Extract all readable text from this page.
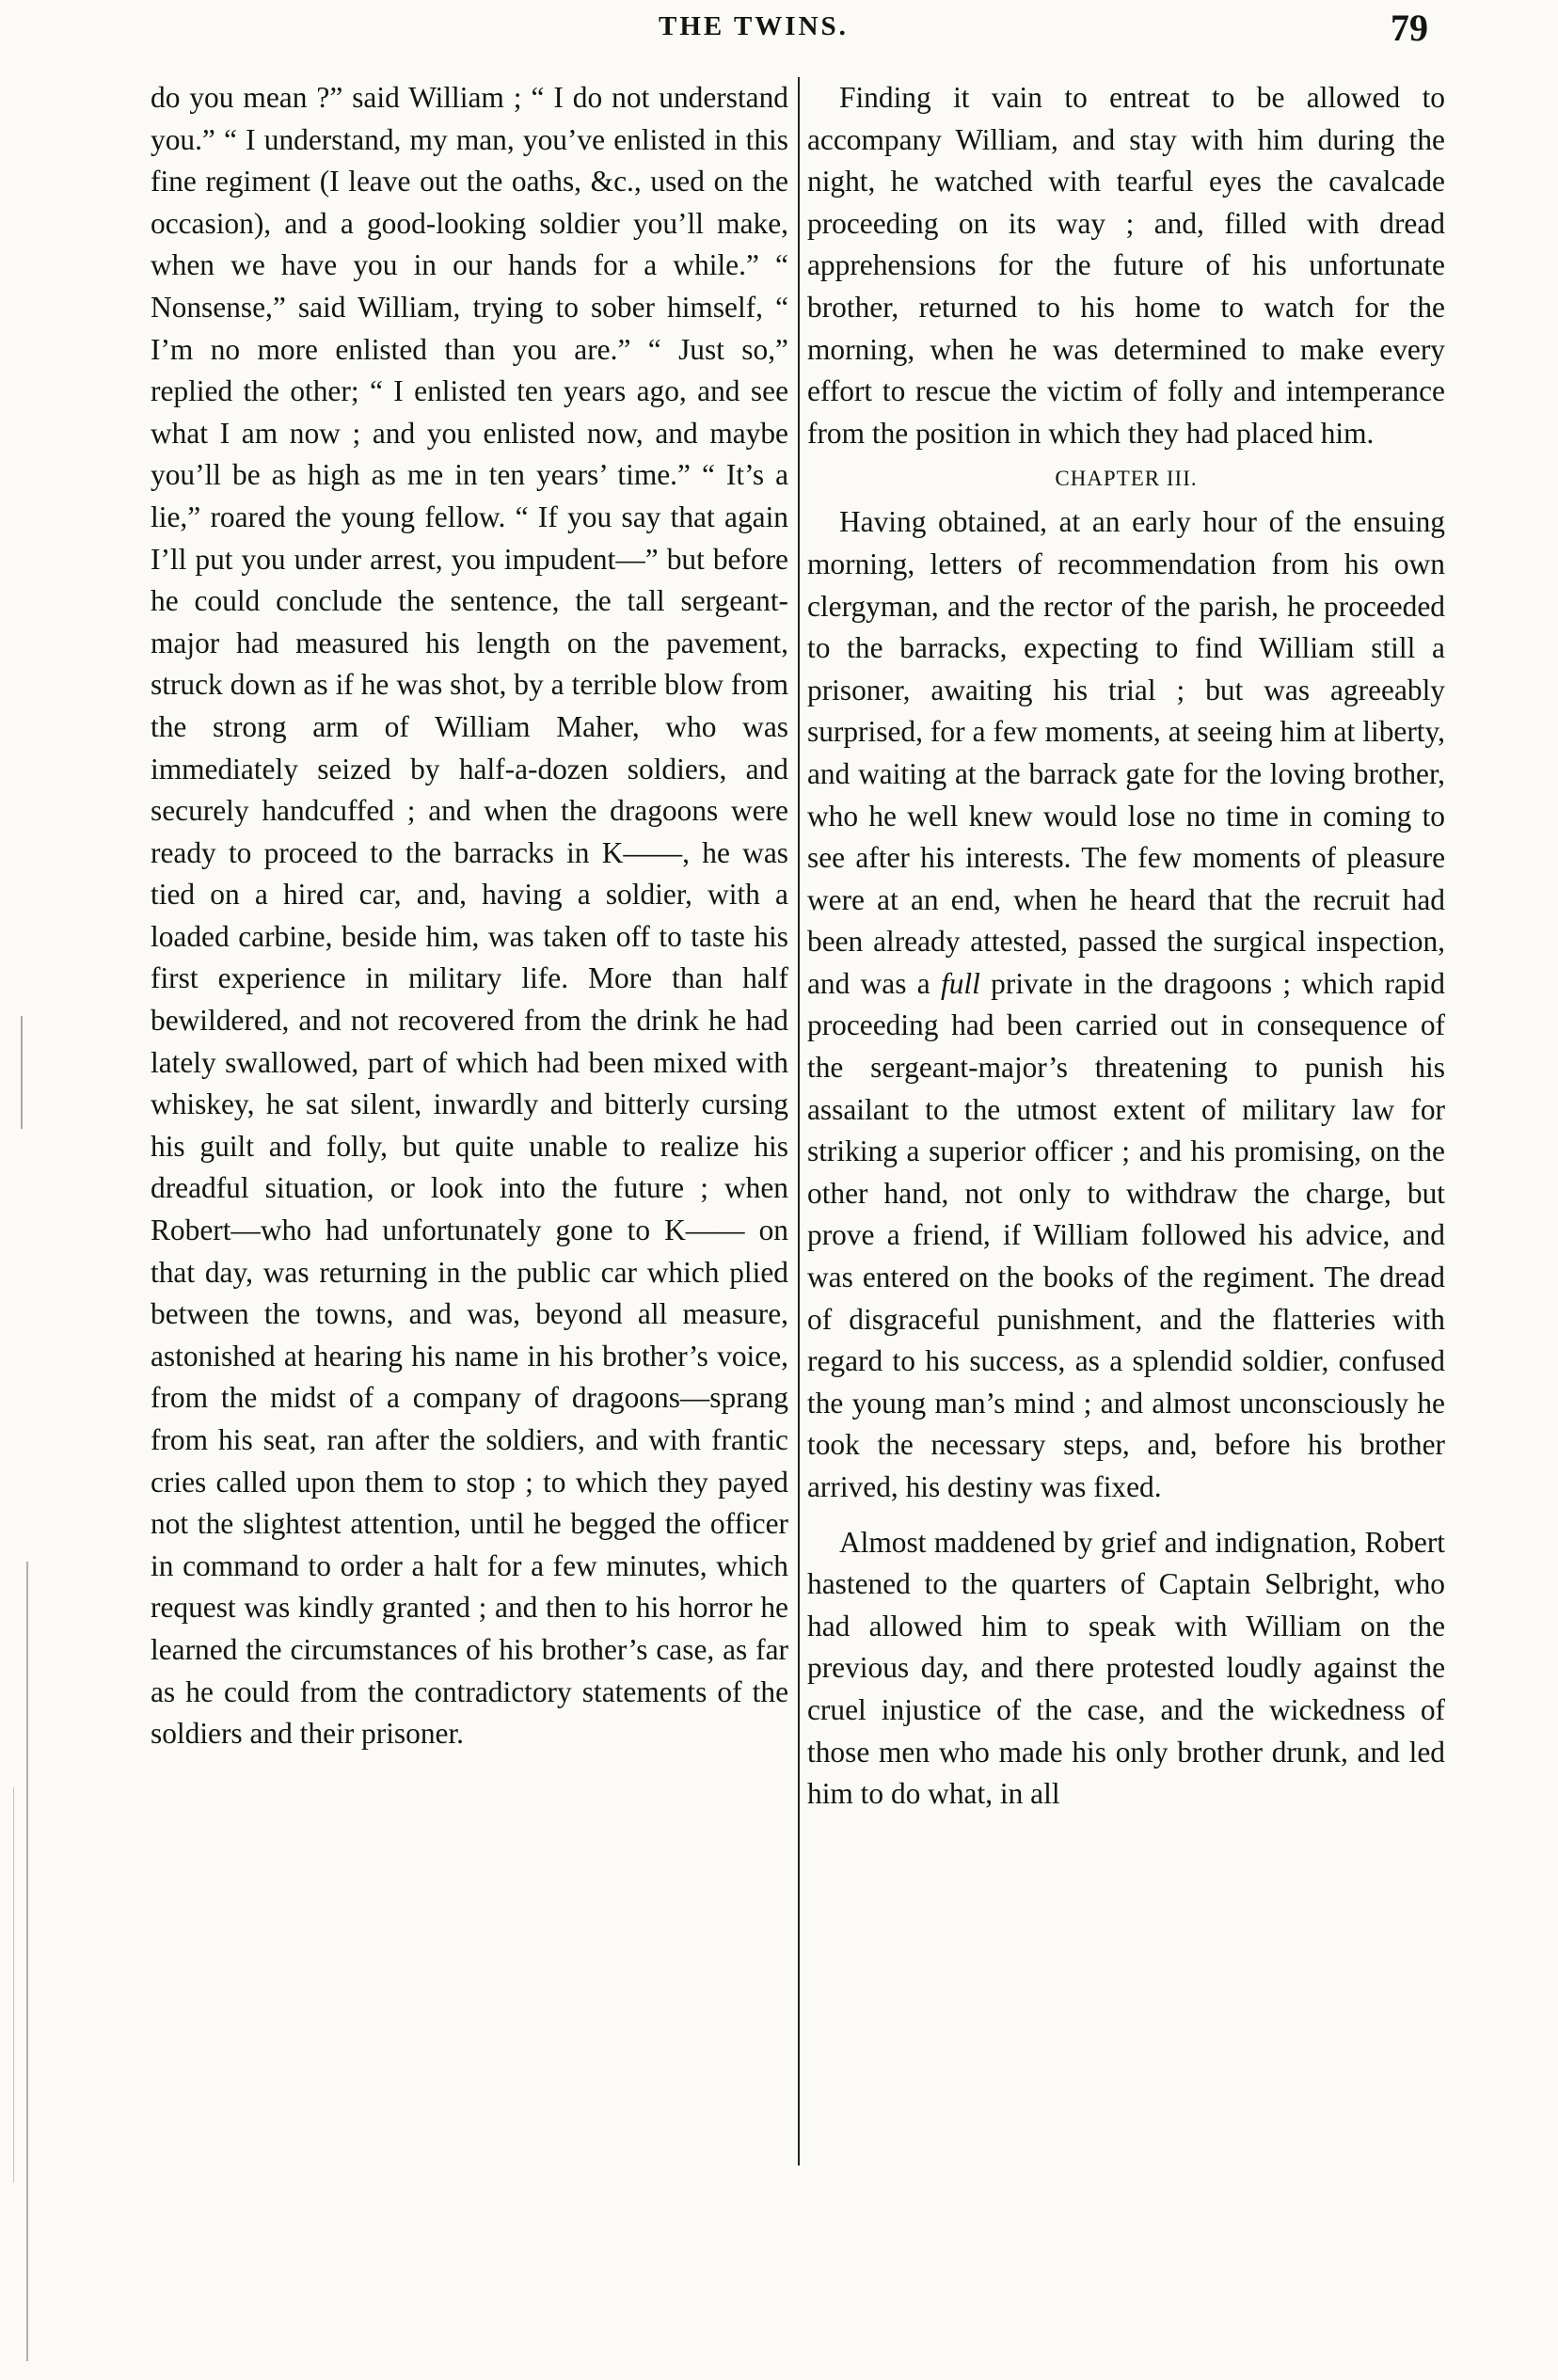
THE TWINS.	79

do you mean ?” said William ; “ I do not understand you.” “ I understand, my man, you’ve enlisted in this fine regiment (I leave out the oaths, &c., used on the occasion), and a good-looking soldier you’ll make, when we have you in our hands for a while.” “ Nonsense,” said William, trying to sober himself, “ I’m no more enlisted than you are.” “ Just so,” replied the other; “ I enlisted ten years ago, and see what I am now ; and you enlisted now, and maybe you’ll be as high as me in ten years’ time.” “ It’s a lie,” roared the young fellow. “ If you say that again I’ll put you under arrest, you impudent—” but before he could conclude the sentence, the tall sergeant-major had measured his length on the pavement, struck down as if he was shot, by a terrible blow from the strong arm of William Maher, who was immediately seized by half-a-dozen soldiers, and securely handcuffed ; and when the dragoons were ready to proceed to the barracks in K——, he was tied on a hired car, and, having a soldier, with a loaded carbine, beside him, was taken off to taste his first experience in military life. More than half bewildered, and not recovered from the drink he had lately swallowed, part of which had been mixed with whiskey, he sat silent, inwardly and bitterly cursing his guilt and folly, but quite unable to realize his dreadful situation, or look into the future ; when Robert—who had unfortunately gone to K—— on that day, was returning in the public car which plied between the towns, and was, beyond all measure, astonished at hearing his name in his brother’s voice, from the midst of a company of dragoons—sprang from his seat, ran after the soldiers, and with frantic cries called upon them to stop ; to which they payed not the slightest attention, until he begged the officer in command to order a halt for a few minutes, which request was kindly granted ; and then to his horror he learned the circumstances of his brother’s case, as far as he could from the contradictory statements of the soldiers and their prisoner.

Finding it vain to entreat to be allowed to accompany William, and stay with him during the night, he watched with tearful eyes the cavalcade proceeding on its way ; and, filled with dread apprehensions for the future of his unfortunate brother, returned to his home to watch for the morning, when he was determined to make every effort to rescue the victim of folly and intemperance from the position in which they had placed him.

CHAPTER III.

Having obtained, at an early hour of the ensuing morning, letters of recommendation from his own clergyman, and the rector of the parish, he proceeded to the barracks, expecting to find William still a prisoner, awaiting his trial ; but was agreeably surprised, for a few moments, at seeing him at liberty, and waiting at the barrack gate for the loving brother, who he well knew would lose no time in coming to see after his interests. The few moments of pleasure were at an end, when he heard that the recruit had been already attested, passed the surgical inspection, and was a full private in the dragoons ; which rapid proceeding had been carried out in consequence of the sergeant-major’s threatening to punish his assailant to the utmost extent of military law for striking a superior officer ; and his promising, on the other hand, not only to withdraw the charge, but prove a friend, if William followed his advice, and was entered on the books of the regiment. The dread of disgraceful punishment, and the flatteries with regard to his success, as a splendid soldier, confused the young man’s mind ; and almost unconsciously he took the necessary steps, and, before his brother arrived, his destiny was fixed.

Almost maddened by grief and indignation, Robert hastened to the quarters of Captain Selbright, who had allowed him to speak with William on the previous day, and there protested loudly against the cruel injustice of the case, and the wickedness of those men who made his only brother drunk, and led him to do what, in all
